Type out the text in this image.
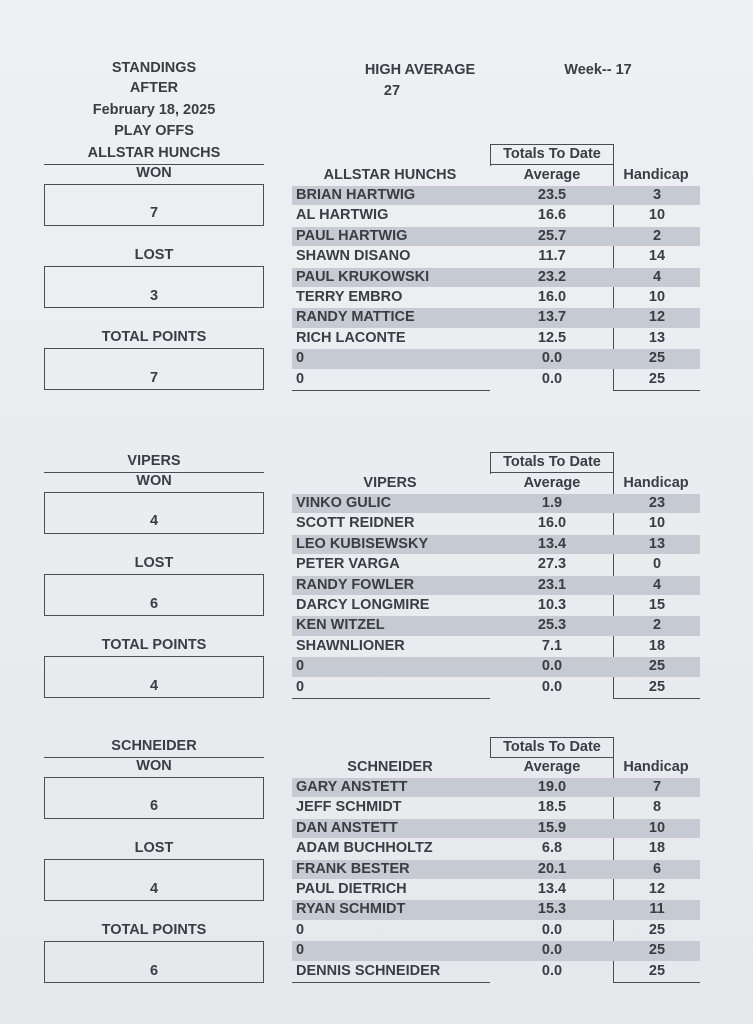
STANDINGS
AFTER
February 18, 2025
PLAY OFFS
HIGH AVERAGE
27
Week-- 17
ALLSTAR HUNCHS
WON
7
LOST
3
TOTAL POINTS
7
Totals To Date
ALLSTAR HUNCHS	Average	Handicap
BRIAN HARTWIG	23.5	3
AL HARTWIG	16.6	10
PAUL HARTWIG	25.7	2
SHAWN DISANO	11.7	14
PAUL KRUKOWSKI	23.2	4
TERRY EMBRO	16.0	10
RANDY MATTICE	13.7	12
RICH LACONTE	12.5	13
0	0.0	25
0	0.0	25
VIPERS
WON
4
LOST
6
TOTAL POINTS
4
Totals To Date
VIPERS	Average	Handicap
VINKO GULIC	1.9	23
SCOTT REIDNER	16.0	10
LEO KUBISEWSKY	13.4	13
PETER VARGA	27.3	0
RANDY FOWLER	23.1	4
DARCY LONGMIRE	10.3	15
KEN WITZEL	25.3	2
SHAWNLIONER	7.1	18
0	0.0	25
0	0.0	25
SCHNEIDER
WON
6
LOST
4
TOTAL POINTS
6
Totals To Date
SCHNEIDER	Average	Handicap
GARY ANSTETT	19.0	7
JEFF SCHMIDT	18.5	8
DAN ANSTETT	15.9	10
ADAM BUCHHOLTZ	6.8	18
FRANK BESTER	20.1	6
PAUL DIETRICH	13.4	12
RYAN SCHMIDT	15.3	11
0	0.0	25
0	0.0	25
DENNIS SCHNEIDER	0.0	25
